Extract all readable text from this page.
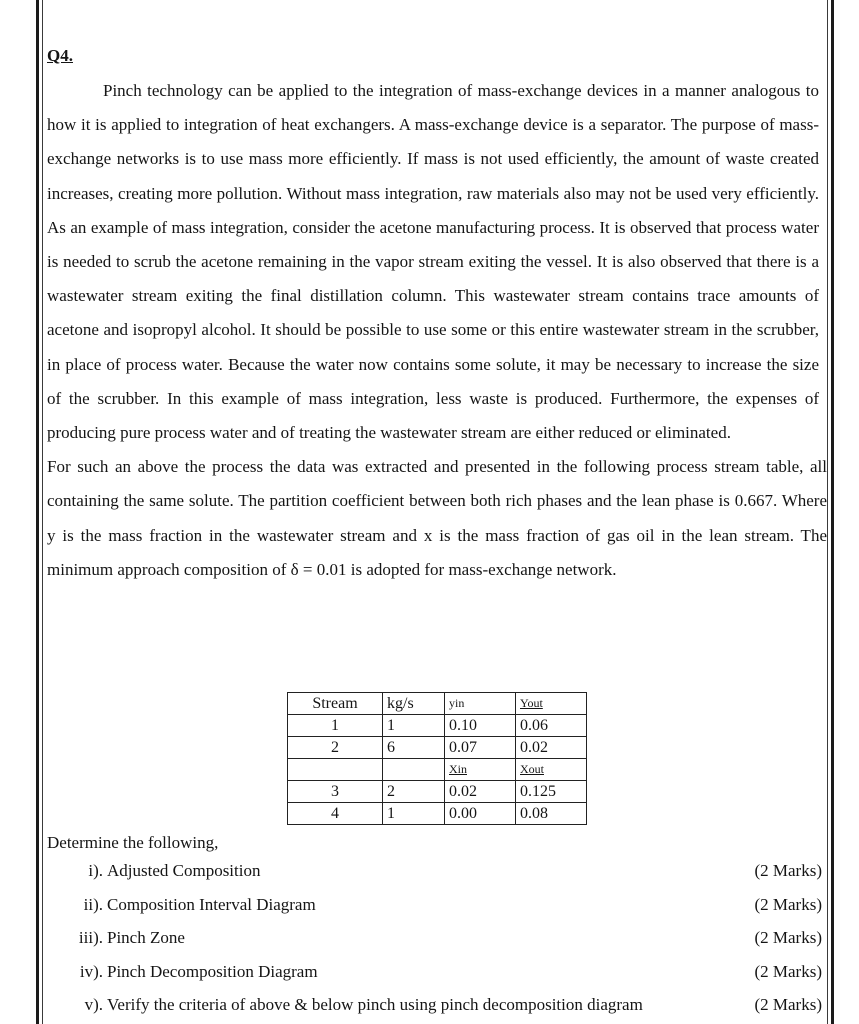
Q4.

Pinch technology can be applied to the integration of mass-exchange devices in a manner analogous to how it is applied to integration of heat exchangers. A mass-exchange device is a separator. The purpose of mass-exchange networks is to use mass more efficiently. If mass is not used efficiently, the amount of waste created increases, creating more pollution. Without mass integration, raw materials also may not be used very efficiently. As an example of mass integration, consider the acetone manufacturing process. It is observed that process water is needed to scrub the acetone remaining in the vapor stream exiting the vessel. It is also observed that there is a wastewater stream exiting the final distillation column. This wastewater stream contains trace amounts of acetone and isopropyl alcohol. It should be possible to use some or this entire wastewater stream in the scrubber, in place of process water. Because the water now contains some solute, it may be necessary to increase the size of the scrubber. In this example of mass integration, less waste is produced. Furthermore, the expenses of producing pure process water and of treating the wastewater stream are either reduced or eliminated.

For such an above the process the data was extracted and presented in the following process stream table, all containing the same solute. The partition coefficient between both rich phases and the lean phase is 0.667. Where y is the mass fraction in the wastewater stream and x is the mass fraction of gas oil in the lean stream. The minimum approach composition of δ = 0.01 is adopted for mass-exchange network.

Stream	kg/s	yin	Yout
1	1	0.10	0.06
2	6	0.07	0.02
		Xin	Xout
3	2	0.02	0.125
4	1	0.00	0.08
Determine the following,
i). Adjusted Composition	(2 Marks)
ii). Composition Interval Diagram	(2 Marks)
iii). Pinch Zone	(2 Marks)
iv). Pinch Decomposition Diagram	(2 Marks)
v). Verify the criteria of above & below pinch using pinch decomposition diagram	(2 Marks)
